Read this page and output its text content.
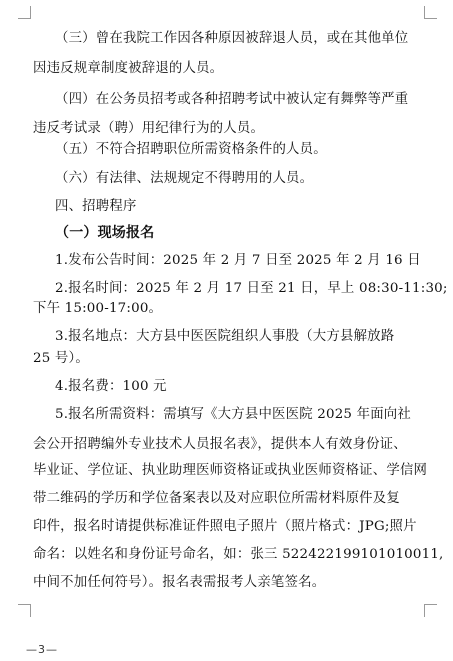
（三）曾在我院工作因各种原因被辞退人员，或在其他单位
因违反规章制度被辞退的人员。
（四）在公务员招考或各种招聘考试中被认定有舞弊等严重
违反考试录（聘）用纪律行为的人员。
（五）不符合招聘职位所需资格条件的人员。
（六）有法律、法规规定不得聘用的人员。
四、招聘程序
（一）现场报名
1.发布公告时间：2025 年 2 月 7 日至 2025 年 2 月 16 日
2.报名时间：2025 年 2 月 17 日至 21 日，早上 08:30-11:30;
下午 15:00-17:00。
3.报名地点：大方县中医医院组织人事股（大方县解放路
25 号）。
4.报名费：100 元
5.报名所需资料：需填写《大方县中医医院 2025 年面向社
会公开招聘编外专业技术人员报名表》，提供本人有效身份证、
毕业证、学位证、执业助理医师资格证或执业医师资格证、学信网
带二维码的学历和学位备案表以及对应职位所需材料原件及复
印件，报名时请提供标准证件照电子照片（照片格式：JPG;照片
命名：以姓名和身份证号命名，如：张三 522422199101010011,
中间不加任何符号）。报名表需报考人亲笔签名。
—3—
